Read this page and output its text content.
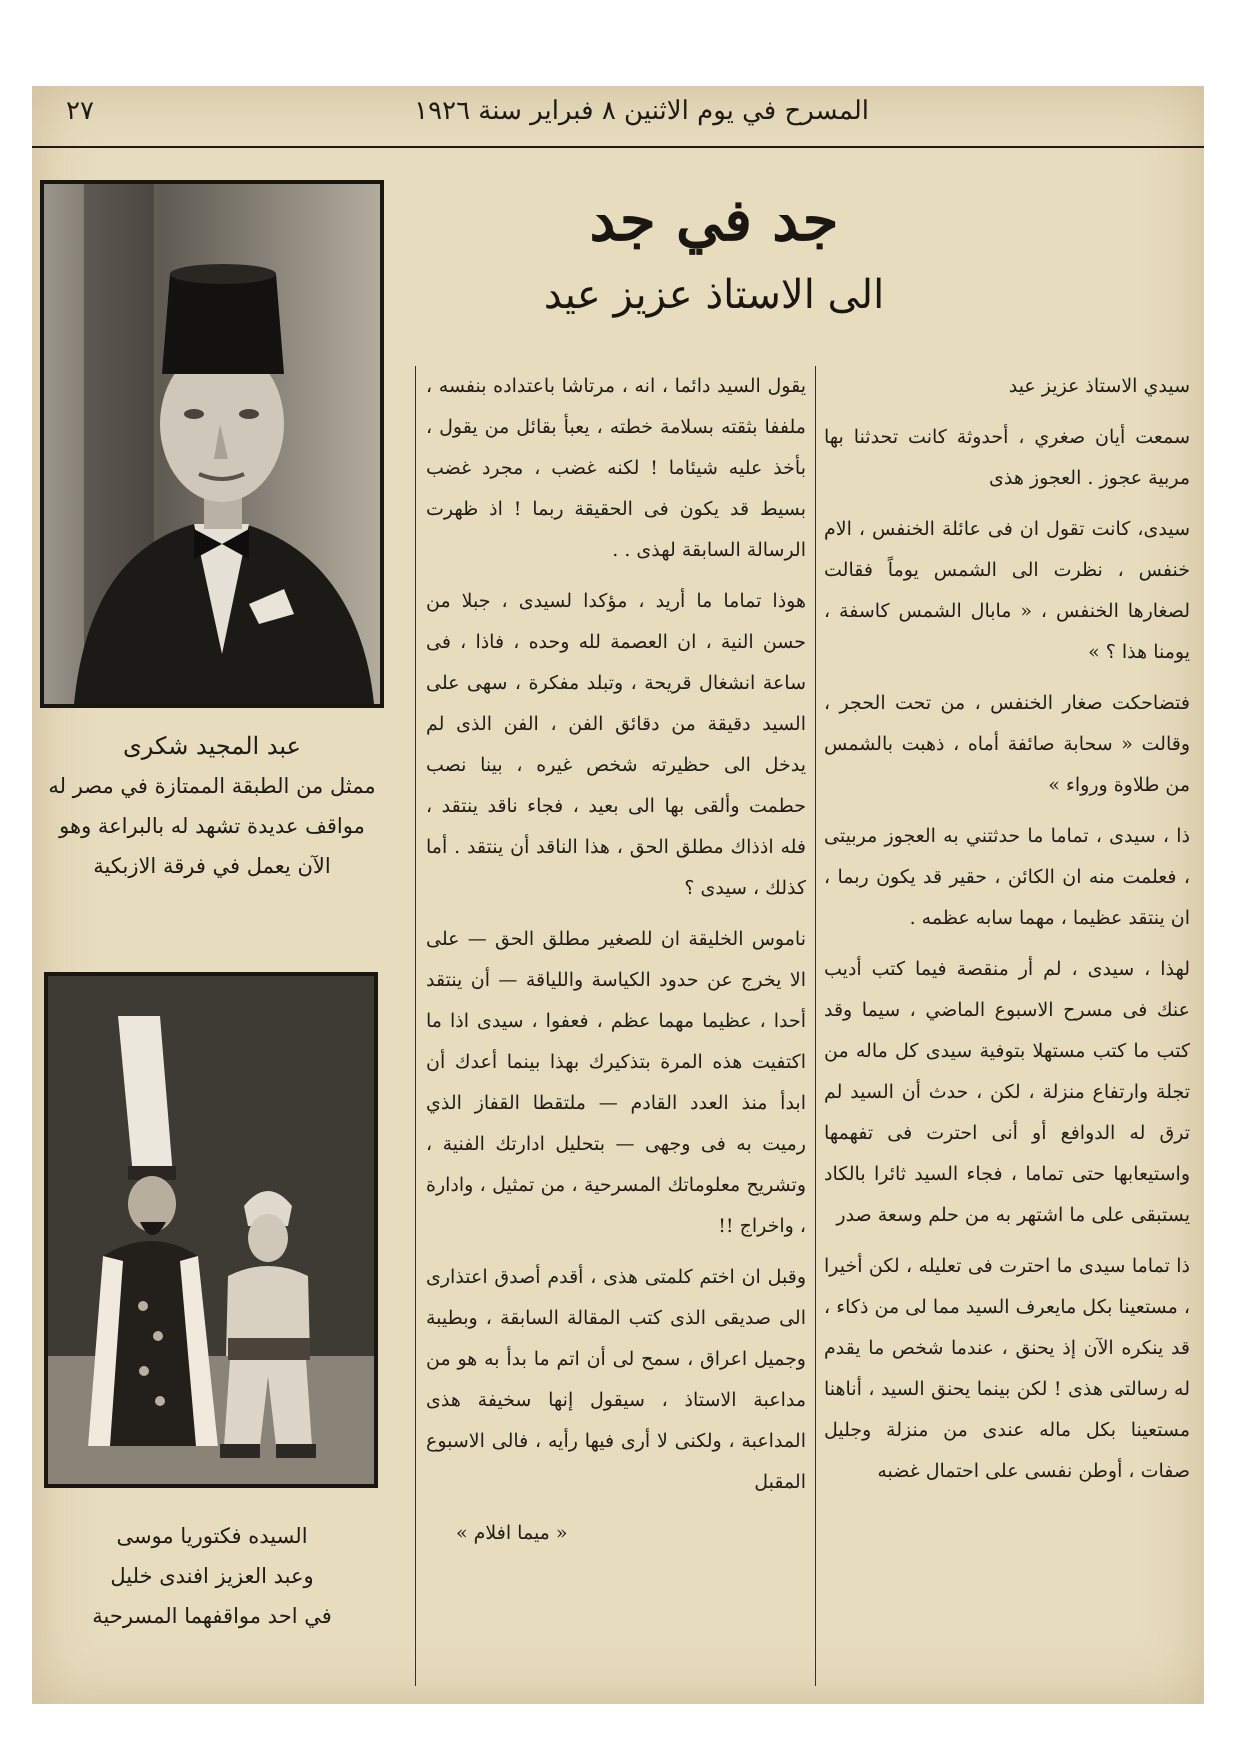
المسرح في يوم الاثنين ٨ فبراير سنة ١٩٢٦
٢٧
جد في جد
الى الاستاذ عزيز عيد

سيدي الاستاذ عزيز عيد

سمعت أيان صغري ، أحدوثة كانت تحدثنا بها مربية عجوز . العجوز هذى

سيدى، كانت تقول ان فى عائلة الخنفس ، الام خنفس ، نظرت الى الشمس يوماً فقالت لصغارها الخنفس ، « مابال الشمس كاسفة ، يومنا هذا ؟ »

فتضاحكت صغار الخنفس ، من تحت الحجر ، وقالت « سحابة صائفة أماه ، ذهبت بالشمس من طلاوة ورواء »

ذا ، سيدى ، تماما ما حدثتني به العجوز مربيتى ، فعلمت منه ان الكائن ، حقير قد يكون ربما ، ان ينتقد عظيما ، مهما سابه عظمه .

لهذا ، سيدى ، لم أر منقصة فيما كتب أديب عنك فى مسرح الاسبوع الماضي ، سيما وقد كتب ما كتب مستهلا بتوفية سيدى كل ماله من تجلة وارتفاع منزلة ، لكن ، حدث أن السيد لم ترق له الدوافع أو أنى احترت فى تفهمها واستيعابها حتى تماما ، فجاء السيد ثائرا بالكاد يستبقى على ما اشتهر به من حلم وسعة صدر

ذا تماما سيدى ما احترت فى تعليله ، لكن أخيرا ، مستعينا بكل مايعرف السيد مما لى من ذكاء ، قد ينكره الآن إذ يحنق ، عندما شخص ما يقدم له رسالتى هذى ! لكن بينما يحنق السيد ، أناهنا مستعينا بكل ماله عندى من منزلة وجليل صفات ، أوطن نفسى على احتمال غضبه

يقول السيد دائما ، انه ، مرتاشا باعتداده بنفسه ، ملففا بثقته بسلامة خطته ، يعبأ بقائل من يقول ، بأخذ عليه شيئاما ! لكنه غضب ، مجرد غضب بسيط قد يكون فى الحقيقة ربما ! اذ ظهرت الرسالة السابقة لهذى . .

هوذا تماما ما أريد ، مؤكدا لسيدى ، جبلا من حسن النية ، ان العصمة لله وحده ، فاذا ، فى ساعة انشغال قريحة ، وتبلد مفكرة ، سهى على السيد دقيقة من دقائق الفن ، الفن الذى لم يدخل الى حظيرته شخص غيره ، بينا نصب حطمت وألقى بها الى بعيد ، فجاء ناقد ينتقد ، فله اذذاك مطلق الحق ، هذا الناقد أن ينتقد . أما كذلك ، سيدى ؟

ناموس الخليقة ان للصغير مطلق الحق — على الا يخرج عن حدود الكياسة واللياقة — أن ينتقد أحدا ، عظيما مهما عظم ، فعفوا ، سيدى اذا ما اكتفيت هذه المرة بتذكيرك بهذا بينما أعدك أن ابدأ منذ العدد القادم — ملتقطا القفاز الذي رميت به فى وجهى — بتحليل ادارتك الفنية ، وتشريح معلوماتك المسرحية ، من تمثيل ، وادارة ، واخراج !!

وقبل ان اختم كلمتى هذى ، أقدم أصدق اعتذارى الى صديقى الذى كتب المقالة السابقة ، وبطيبة وجميل اعراق ، سمح لى أن اتم ما بدأ به هو من مداعبة الاستاذ ، سيقول إنها سخيفة هذى المداعبة ، ولكنى لا أرى فيها رأيه ، فالى الاسبوع المقبل

« ميما افلام »
عبد المجيد شكرى
ممثل من الطبقة الممتازة في مصر له
مواقف عديدة تشهد له بالبراعة وهو
الآن يعمل في فرقة الازبكية
السيده فكتوريا موسى
وعبد العزيز افندى خليل
في احد مواقفهما المسرحية
